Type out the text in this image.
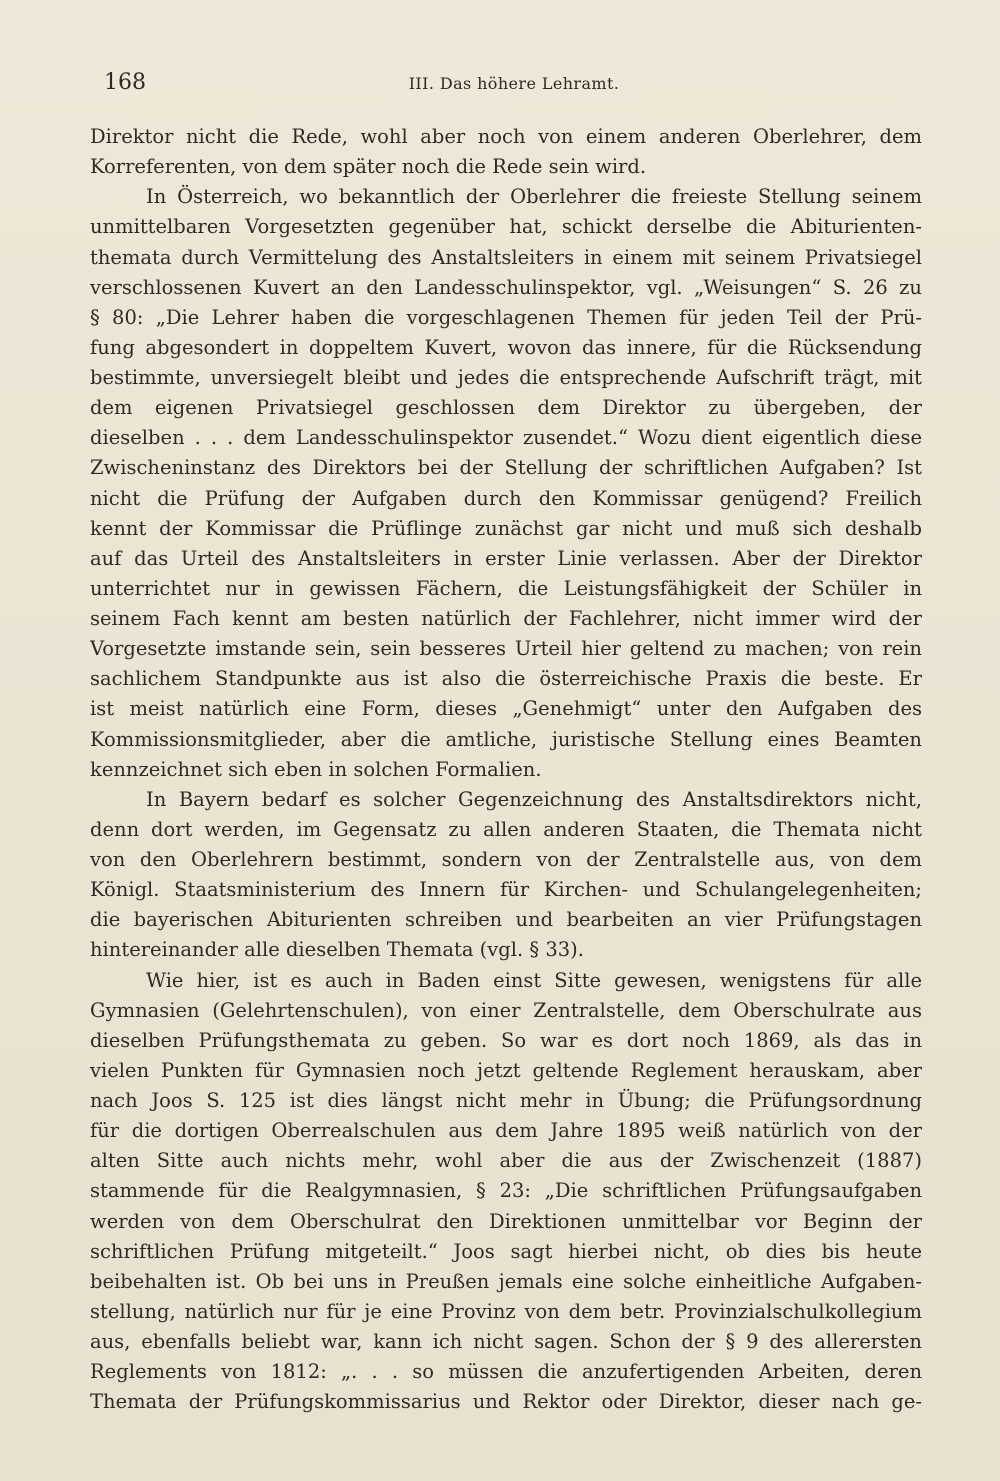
168	III. Das höhere Lehramt.
Direktor nicht die Rede, wohl aber noch von einem anderen Oberlehrer, dem
Korreferenten, von dem später noch die Rede sein wird.
In Österreich, wo bekanntlich der Oberlehrer die freieste Stellung seinem
unmittelbaren Vorgesetzten gegenüber hat, schickt derselbe die Abiturienten-
themata durch Vermittelung des Anstaltsleiters in einem mit seinem Privatsiegel
verschlossenen Kuvert an den Landesschulinspektor, vgl. „Weisungen“ S. 26 zu
§ 80: „Die Lehrer haben die vorgeschlagenen Themen für jeden Teil der Prü-
fung abgesondert in doppeltem Kuvert, wovon das innere, für die Rücksendung
bestimmte, unversiegelt bleibt und jedes die entsprechende Aufschrift trägt, mit
dem eigenen Privatsiegel geschlossen dem Direktor zu übergeben, der
dieselben . . . dem Landesschulinspektor zusendet.“ Wozu dient eigentlich diese
Zwischeninstanz des Direktors bei der Stellung der schriftlichen Aufgaben? Ist
nicht die Prüfung der Aufgaben durch den Kommissar genügend? Freilich
kennt der Kommissar die Prüflinge zunächst gar nicht und muß sich deshalb
auf das Urteil des Anstaltsleiters in erster Linie verlassen. Aber der Direktor
unterrichtet nur in gewissen Fächern, die Leistungsfähigkeit der Schüler in
seinem Fach kennt am besten natürlich der Fachlehrer, nicht immer wird der
Vorgesetzte imstande sein, sein besseres Urteil hier geltend zu machen; von rein
sachlichem Standpunkte aus ist also die österreichische Praxis die beste. Er
ist meist natürlich eine Form, dieses „Genehmigt“ unter den Aufgaben des
Kommissionsmitglieder, aber die amtliche, juristische Stellung eines Beamten
kennzeichnet sich eben in solchen Formalien.
In Bayern bedarf es solcher Gegenzeichnung des Anstaltsdirektors nicht,
denn dort werden, im Gegensatz zu allen anderen Staaten, die Themata nicht
von den Oberlehrern bestimmt, sondern von der Zentralstelle aus, von dem
Königl. Staatsministerium des Innern für Kirchen- und Schulangelegenheiten;
die bayerischen Abiturienten schreiben und bearbeiten an vier Prüfungstagen
hintereinander alle dieselben Themata (vgl. § 33).
Wie hier, ist es auch in Baden einst Sitte gewesen, wenigstens für alle
Gymnasien (Gelehrtenschulen), von einer Zentralstelle, dem Oberschulrate aus
dieselben Prüfungsthemata zu geben. So war es dort noch 1869, als das in
vielen Punkten für Gymnasien noch jetzt geltende Reglement herauskam, aber
nach Joos S. 125 ist dies längst nicht mehr in Übung; die Prüfungsordnung
für die dortigen Oberrealschulen aus dem Jahre 1895 weiß natürlich von der
alten Sitte auch nichts mehr, wohl aber die aus der Zwischenzeit (1887)
stammende für die Realgymnasien, § 23: „Die schriftlichen Prüfungsaufgaben
werden von dem Oberschulrat den Direktionen unmittelbar vor Beginn der
schriftlichen Prüfung mitgeteilt.“ Joos sagt hierbei nicht, ob dies bis heute
beibehalten ist. Ob bei uns in Preußen jemals eine solche einheitliche Aufgaben-
stellung, natürlich nur für je eine Provinz von dem betr. Provinzialschulkollegium
aus, ebenfalls beliebt war, kann ich nicht sagen. Schon der § 9 des allerersten
Reglements von 1812: „. . . so müssen die anzufertigenden Arbeiten, deren
Themata der Prüfungskommissarius und Rektor oder Direktor, dieser nach ge-
